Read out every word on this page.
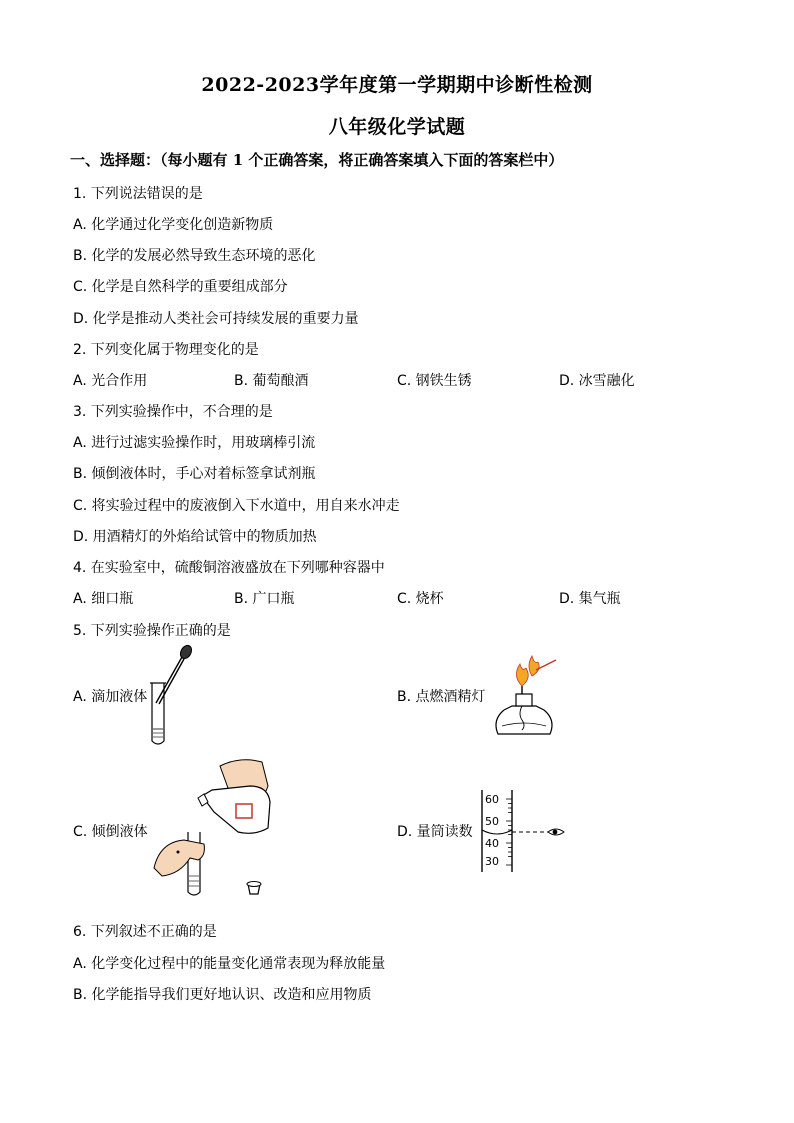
2022-2023学年度第一学期期中诊断性检测
八年级化学试题
一、选择题：（每小题有 1 个正确答案，将正确答案填入下面的答案栏中）
1. 下列说法错误的是
A. 化学通过化学变化创造新物质
B. 化学的发展必然导致生态环境的恶化
C. 化学是自然科学的重要组成部分
D. 化学是推动人类社会可持续发展的重要力量
2. 下列变化属于物理变化的是
A. 光合作用	B. 葡萄酿酒	C. 钢铁生锈	D. 冰雪融化
3. 下列实验操作中，不合理的是
A. 进行过滤实验操作时，用玻璃棒引流
B. 倾倒液体时，手心对着标签拿试剂瓶
C. 将实验过程中的废液倒入下水道中，用自来水冲走
D. 用酒精灯的外焰给试管中的物质加热
4. 在实验室中，硫酸铜溶液盛放在下列哪种容器中
A. 细口瓶	B. 广口瓶	C. 烧杯	D. 集气瓶
5. 下列实验操作正确的是
A. 滴加液体	B. 点燃酒精灯
C. 倾倒液体	D. 量筒读数
60
50
40
30
6. 下列叙述不正确的是
A. 化学变化过程中的能量变化通常表现为释放能量
B. 化学能指导我们更好地认识、改造和应用物质
